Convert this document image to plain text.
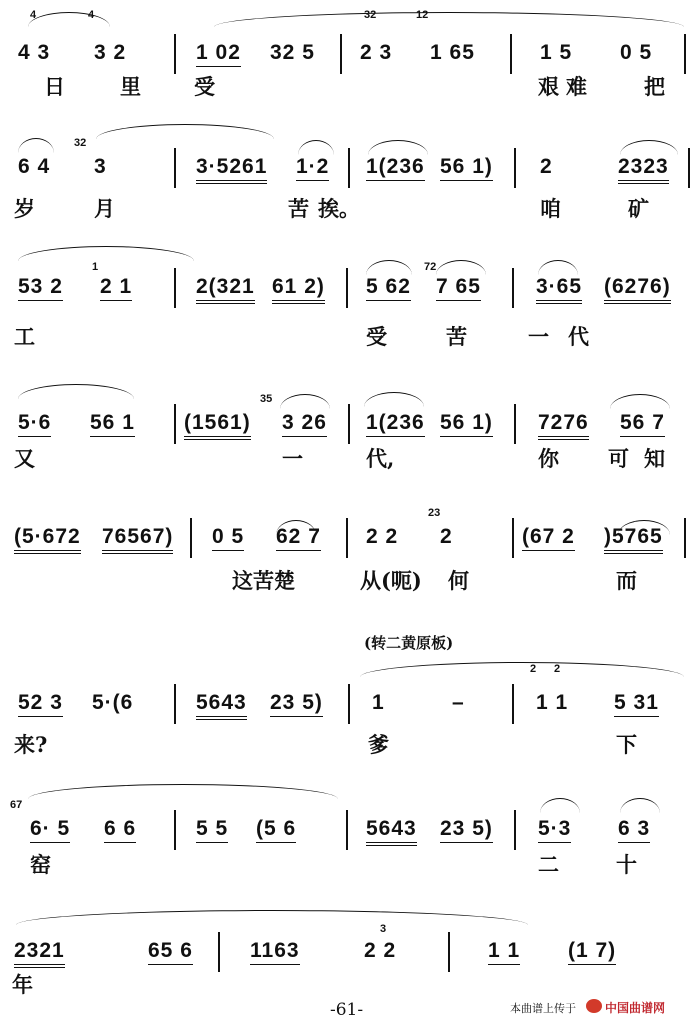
4	4	32	12
4 3 3 2	1 02 32 5 2 3 1 65	1 5 0 5
日	里	受	艰 难	把
32
6 4 3	3·5261 1·2 1(236 56 1) 2	2323
岁	月	苦 挨。	咱	矿
1	72
53 2 2 1	2(321 61 2) 5 62 7 65	3·65 (6276)
工	受	苦	一 代
35
5·6 56 1 (1561) 3 26 1(236 56 1) 7276 56 7
又	一	代,	你 可 知
23
(5·672 76567) 0 5 62 7 2 2 2	(67 2 )5765
这苦楚	从(呃) 何	而
(转二黄原板)
2 2
52 3 5·(6	5643 23 5) 1	–	1 1 5 31
来?	爹	下
67
6· 5 6 6	5 5 (5 6	5643 23 5) 5·3 6 3
窑	二	十
3
2321	65 6	1163	2 2	1 1 (1 7)
年
-61-	本曲谱上传于 中国曲谱网
